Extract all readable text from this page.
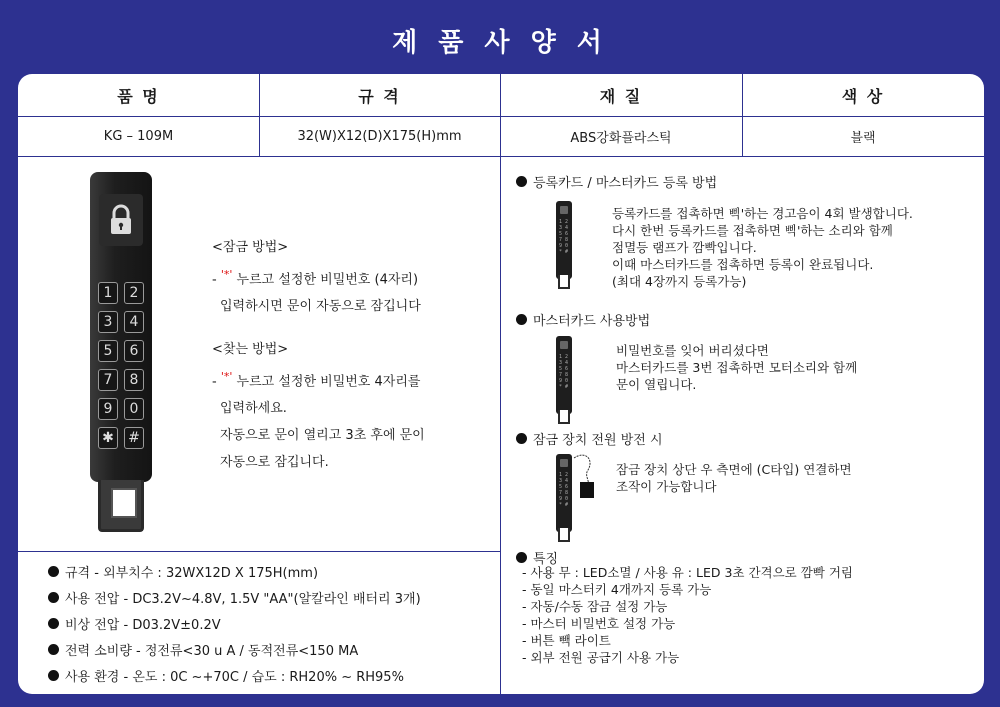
제 품 사 양 서
품 명	규 격	재 질	색 상
KG – 109M	32(W)X12(D)X175(H)mm	ABS강화플라스틱	블랙
1	2
3	4
5	6
7	8
9	0
✱ #
<잠금 방법>
- '*' 누르고 설정한 비밀번호 (4자리)
입력하시면 문이 자동으로 잠깁니다
<찾는 방법>
- '*' 누르고 설정한 비밀번호 4자리를
입력하세요.
자동으로 문이 열리고 3초 후에 문이
자동으로 잠깁니다.
규격 - 외부치수 : 32WX12D X 175H(mm)
사용 전압 - DC3.2V~4.8V, 1.5V "AA"(알칼라인 배터리 3개)
비상 전압 - D03.2V±0.2V
전력 소비량 - 정전류<30 u A / 동적전류<150 MA
사용 환경 - 온도 : 0C ~+70C / 습도 : RH20% ~ RH95%
등록카드 / 마스터카드 등록 방법
1 2
3 4
5 6
7 8
9 0
* #
등록카드를 접촉하면 삑'하는 경고음이 4회 발생합니다.
다시 한번 등록카드를 접촉하면 삑'하는 소리와 함께
점멸등 램프가 깜빡입니다.
이때 마스터카드를 접촉하면 등록이 완료됩니다.
(최대 4장까지 등록가능)
마스터카드 사용방법
1 2
3 4
5 6
7 8
9 0
* #
비밀번호를 잊어 버리셨다면
마스터카드를 3번 접촉하면 모터소리와 함께
문이 열립니다.
잠금 장치 전원 방전 시
1 2
3 4
5 6
7 8
9 0
* #
잠금 장치 상단 우 측면에 (C타입) 연결하면
조작이 가능합니다
특징
- 사용 무 : LED소멸 / 사용 유 : LED 3초 간격으로 깜빡 거림
- 동일 마스터키 4개까지 등록 가능
- 자동/수동 잠금 설정 가능
- 마스터 비밀번호 설정 가능
- 버튼 빽 라이트
- 외부 전원 공급기 사용 가능
